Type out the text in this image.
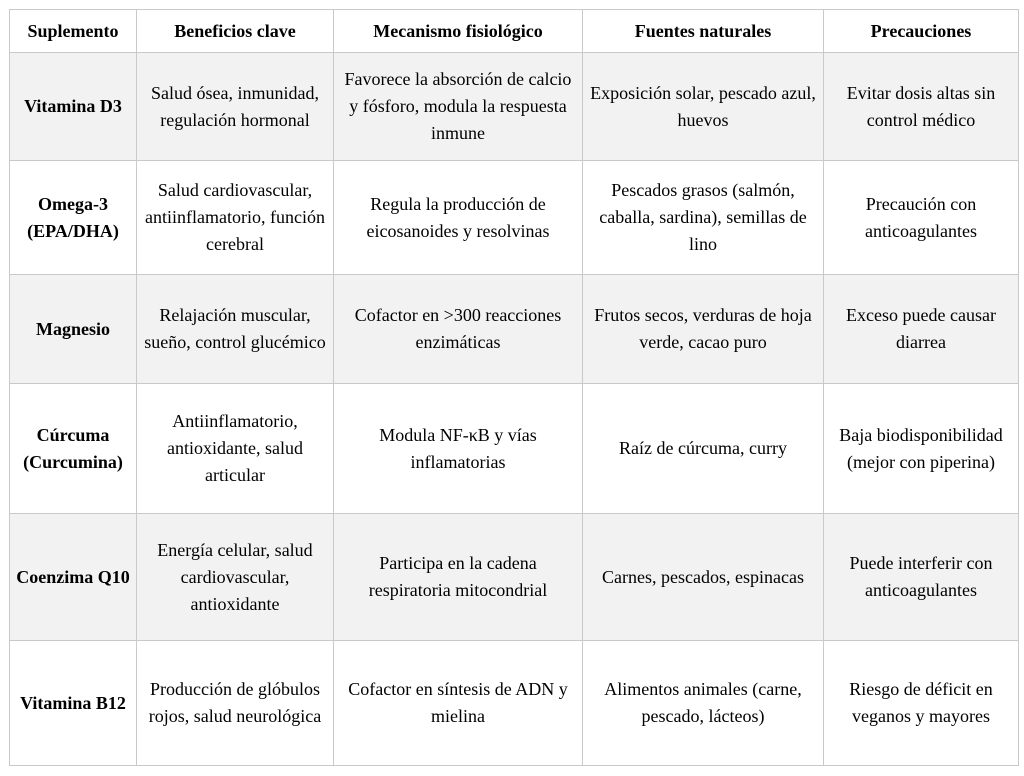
Suplemento	Beneficios clave	Mecanismo fisiológico	Fuentes naturales	Precauciones
Vitamina D3	Salud ósea, inmunidad, regulación hormonal	Favorece la absorción de calcio y fósforo, modula la respuesta inmune	Exposición solar, pescado azul, huevos	Evitar dosis altas sin control médico
Omega-3 (EPA/DHA)	Salud cardiovascular, antiinflamatorio, función cerebral	Regula la producción de eicosanoides y resolvinas	Pescados grasos (salmón, caballa, sardina), semillas de lino	Precaución con anticoagulantes
Magnesio	Relajación muscular, sueño, control glucémico	Cofactor en >300 reacciones enzimáticas	Frutos secos, verduras de hoja verde, cacao puro	Exceso puede causar diarrea
Cúrcuma (Curcumina)	Antiinflamatorio, antioxidante, salud articular	Modula NF-κB y vías inflamatorias	Raíz de cúrcuma, curry	Baja biodisponibilidad (mejor con piperina)
Coenzima Q10	Energía celular, salud cardiovascular, antioxidante	Participa en la cadena respiratoria mitocondrial	Carnes, pescados, espinacas	Puede interferir con anticoagulantes
Vitamina B12	Producción de glóbulos rojos, salud neurológica	Cofactor en síntesis de ADN y mielina	Alimentos animales (carne, pescado, lácteos)	Riesgo de déficit en veganos y mayores
